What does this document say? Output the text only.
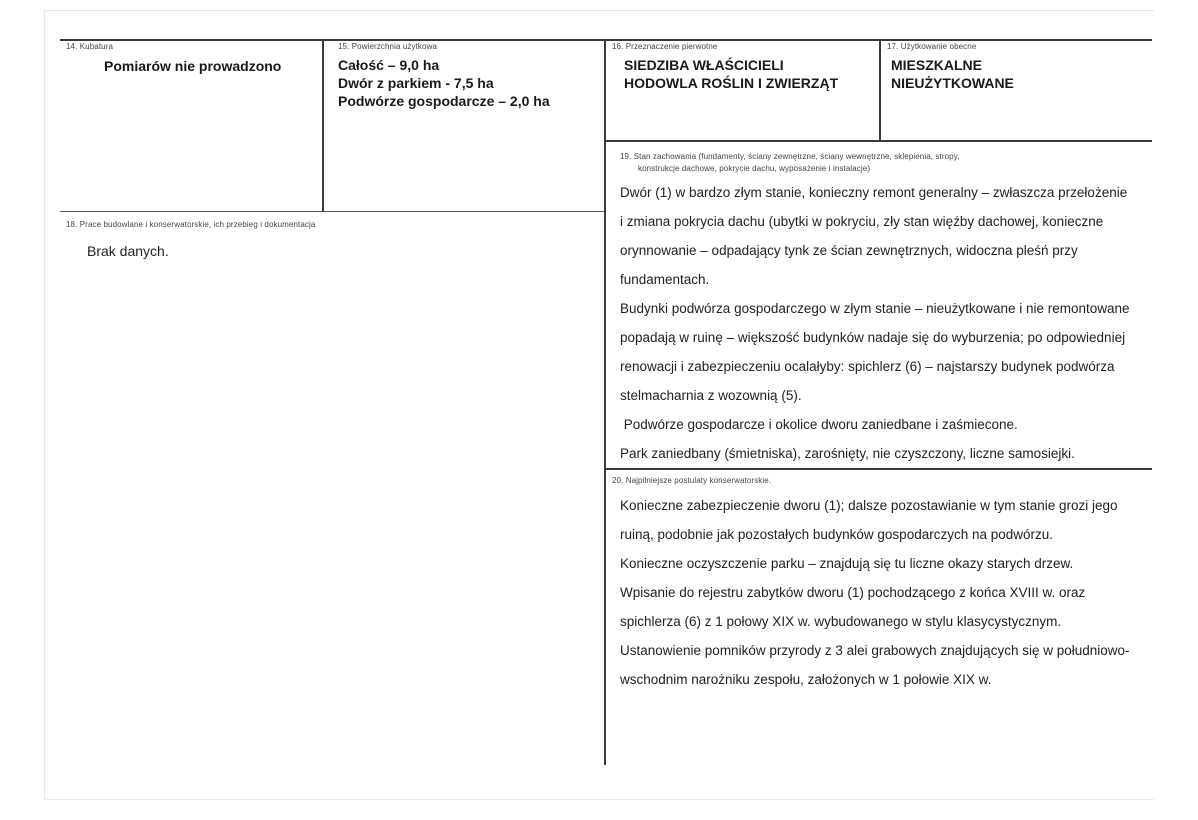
14. Kubatura
Pomiarów nie prowadzono
15. Powierzchnia użytkowa
Całość – 9,0 ha
Dwór z parkiem - 7,5 ha
Podwórze gospodarcze – 2,0 ha
16. Przeznaczenie pierwotne
SIEDZIBA WŁAŚCICIELI
HODOWLA ROŚLIN I ZWIERZĄT
17. Użytkowanie obecne
MIESZKALNE
NIEUŻYTKOWANE
18. Prace budowlane i konserwatorskie, ich przebieg i dokumentacja
Brak danych.
19. Stan zachowania (fundamenty, ściany zewnętrzne, ściany wewnętrzne, sklepienia, stropy,
konstrukcje dachowe, pokrycie dachu, wyposażenie i instalacje)
Dwór (1) w bardzo złym stanie, konieczny remont generalny – zwłaszcza przełożenie
i zmiana pokrycia dachu (ubytki w pokryciu, zły stan więźby dachowej, konieczne
orynnowanie – odpadający tynk ze ścian zewnętrznych, widoczna pleśń przy
fundamentach.
Budynki podwórza gospodarczego w złym stanie – nieużytkowane i nie remontowane
popadają w ruinę – większość budynków nadaje się do wyburzenia; po odpowiedniej
renowacji i zabezpieczeniu ocalałyby: spichlerz (6) – najstarszy budynek podwórza
stelmacharnia z wozownią (5).
Podwórze gospodarcze i okolice dworu zaniedbane i zaśmiecone.
Park zaniedbany (śmietniska), zarośnięty, nie czyszczony, liczne samosiejki.
20. Najpilniejsze postulaty konserwatorskie.
Konieczne zabezpieczenie dworu (1); dalsze pozostawianie w tym stanie grozi jego
ruiną, podobnie jak pozostałych budynków gospodarczych na podwórzu.
Konieczne oczyszczenie parku – znajdują się tu liczne okazy starych drzew.
Wpisanie do rejestru zabytków dworu (1) pochodzącego z końca XVIII w. oraz
spichlerza (6) z 1 połowy XIX w. wybudowanego w stylu klasycystycznym.
Ustanowienie pomników przyrody z 3 alei grabowych znajdujących się w południowo-
wschodnim narożniku zespołu, założonych w 1 połowie XIX w.
